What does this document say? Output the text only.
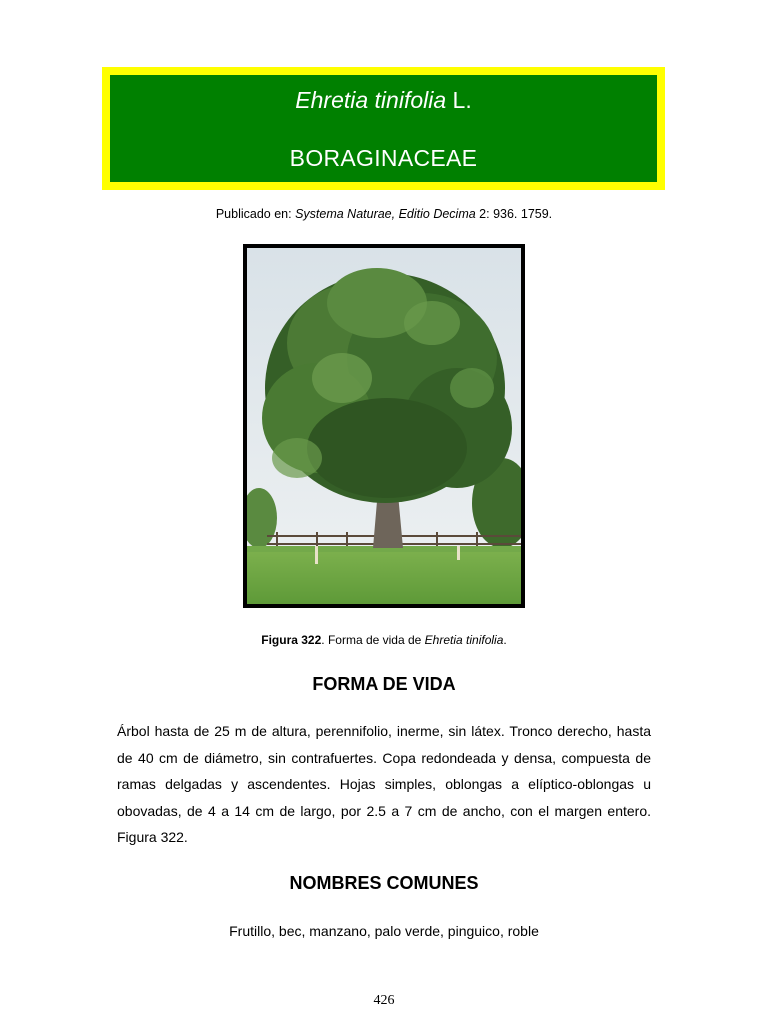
Ehretia tinifolia L.
BORAGINACEAE
Publicado en: Systema Naturae, Editio Decima 2: 936. 1759.
Figura 322. Forma de vida de Ehretia tinifolia.
FORMA DE VIDA
Árbol hasta de 25 m de altura, perennifolio, inerme, sin látex. Tronco derecho, hasta de 40 cm de diámetro, sin contrafuertes. Copa redondeada y densa, compuesta de ramas delgadas y ascendentes. Hojas simples, oblongas a elíptico-oblongas u obovadas, de 4 a 14 cm de largo, por 2.5 a 7 cm de ancho, con el margen entero. Figura 322.
NOMBRES COMUNES
Frutillo, bec, manzano, palo verde, pinguico, roble
426
